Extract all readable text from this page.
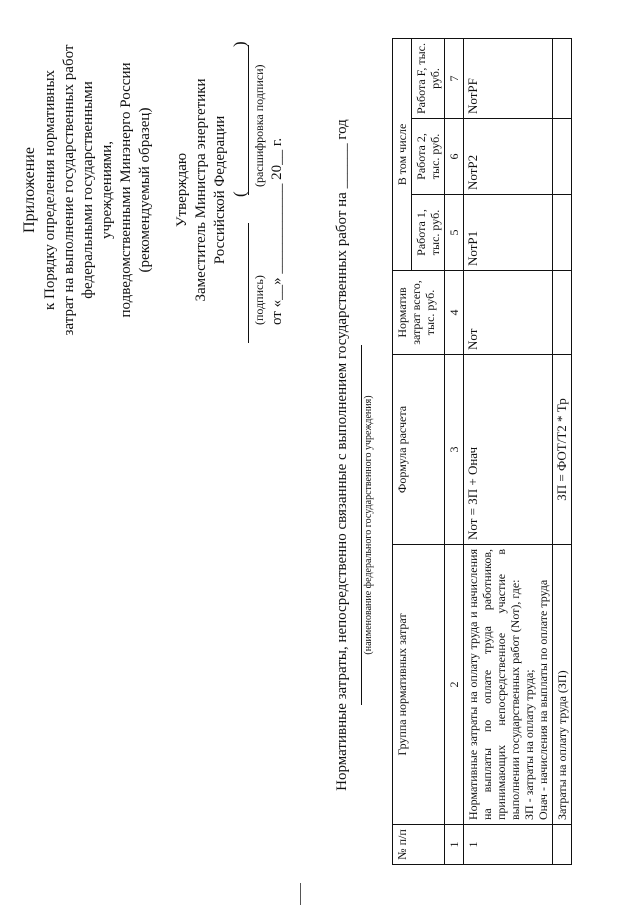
Приложение к Порядку определения нормативных затрат на выполнение государственных работ федеральными государственными учреждениями, подведомственными Минэнерго России (рекомендуемый образец) Утверждаю Заместитель Министра энергетики Российской Федерации (
)
(подпись)
(расшифровка подписи)
от «__» ____________ 20__ г.	Нормативные затраты, непосредственно связанные с выполнением государственных работ на ______ год (наименование федерального государственного учреждения)
№ п/п	Группа нормативных затрат	Формула расчета	Норматив затрат всего, тыс. руб.	В том числе		
				Работа 1, тыс. руб.	Работа 2, тыс. руб.	Работа F, тыс. руб.
1	2	3	4	5	6	7
1	Нормативные затраты на оплату труда и начисления на выплаты по оплате труда работников, принимающих непосредственное участие в выполнении государственных работ (Nот), где: ЗП - затраты на оплату труда; Oнач - начисления на выплаты по оплате труда	Nот = ЗП + Oнач	Nот	NотP1	NотP2	NотPF
	Затраты на оплату труда (ЗП)	ЗП = ФОТ/Т2 * Тр				
